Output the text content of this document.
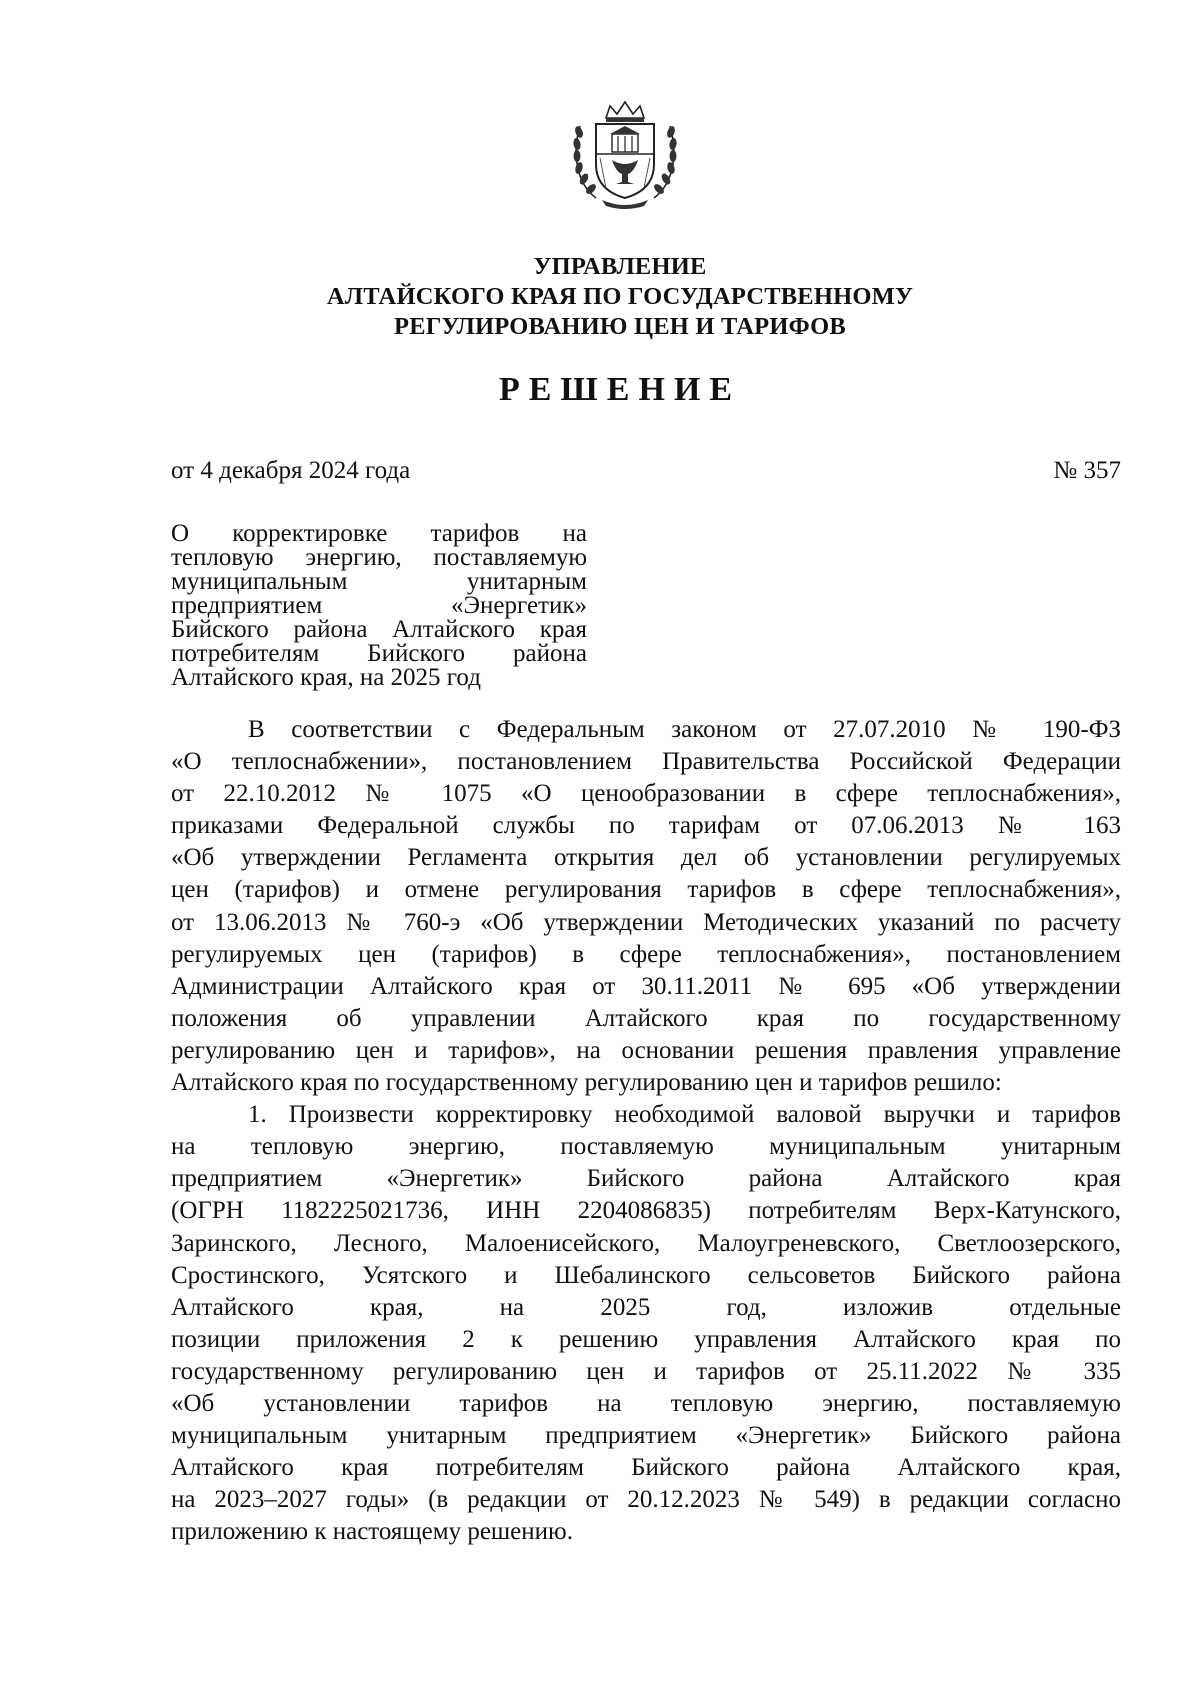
УПРАВЛЕНИЕ
АЛТАЙСКОГО КРАЯ ПО ГОСУДАРСТВЕННОМУ
РЕГУЛИРОВАНИЮ ЦЕН И ТАРИФОВ
РЕШЕНИЕ
от 4 декабря 2024 года	№ 357
О корректировке тарифов на
тепловую энергию, поставляемую
муниципальным унитарным
предприятием «Энергетик»
Бийского района Алтайского края
потребителям Бийского района
Алтайского края, на 2025 год
В соответствии с Федеральным законом от 27.07.2010 № 190-ФЗ
«О теплоснабжении», постановлением Правительства Российской Федерации
от 22.10.2012 № 1075 «О ценообразовании в сфере теплоснабжения»,
приказами Федеральной службы по тарифам от 07.06.2013 № 163
«Об утверждении Регламента открытия дел об установлении регулируемых
цен (тарифов) и отмене регулирования тарифов в сфере теплоснабжения»,
от 13.06.2013 № 760-э «Об утверждении Методических указаний по расчету
регулируемых цен (тарифов) в сфере теплоснабжения», постановлением
Администрации Алтайского края от 30.11.2011 № 695 «Об утверждении
положения об управлении Алтайского края по государственному
регулированию цен и тарифов», на основании решения правления управление
Алтайского края по государственному регулированию цен и тарифов решило:
1. Произвести корректировку необходимой валовой выручки и тарифов
на тепловую энергию, поставляемую муниципальным унитарным
предприятием «Энергетик» Бийского района Алтайского края
(ОГРН 1182225021736, ИНН 2204086835) потребителям Верх-Катунского,
Заринского, Лесного, Малоенисейского, Малоугреневского, Светлоозерского,
Сростинского, Усятского и Шебалинского сельсоветов Бийского района
Алтайского края, на 2025 год, изложив отдельные
позиции приложения 2 к решению управления Алтайского края по
государственному регулированию цен и тарифов от 25.11.2022 № 335
«Об установлении тарифов на тепловую энергию, поставляемую
муниципальным унитарным предприятием «Энергетик» Бийского района
Алтайского края потребителям Бийского района Алтайского края,
на 2023–2027 годы» (в редакции от 20.12.2023 № 549) в редакции согласно
приложению к настоящему решению.
